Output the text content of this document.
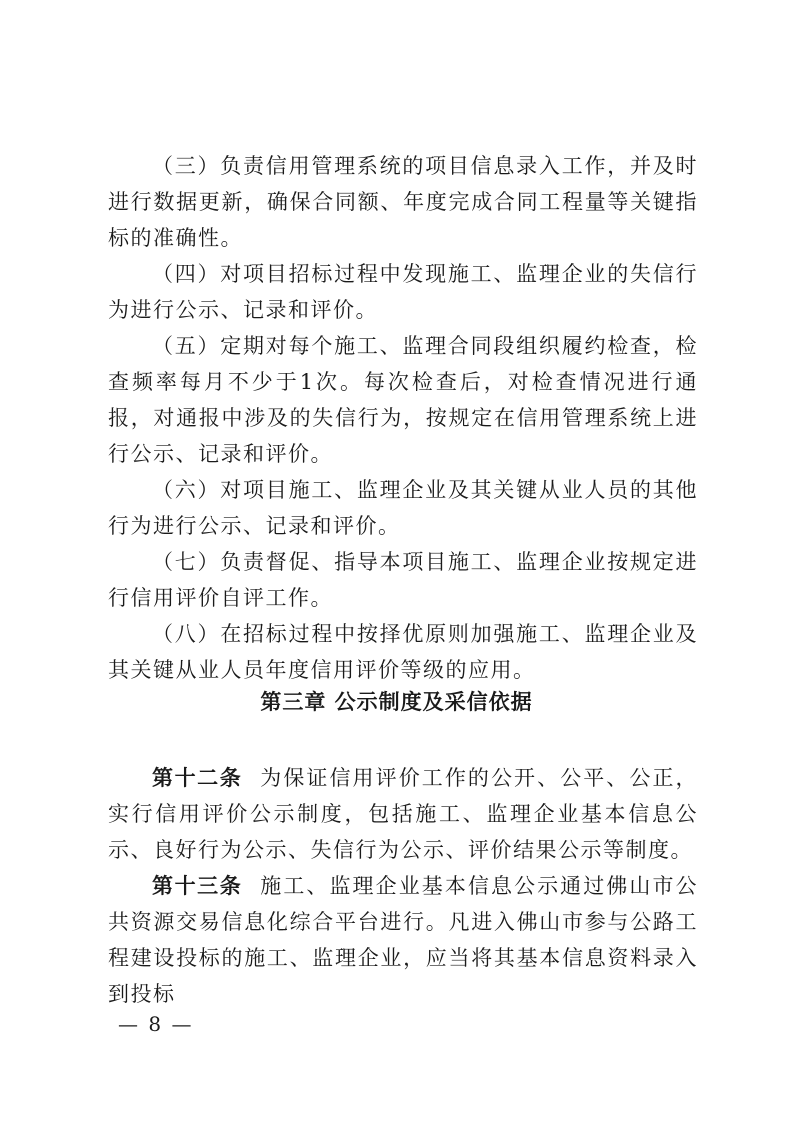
（三）负责信用管理系统的项目信息录入工作，并及时进行数据更新，确保合同额、年度完成合同工程量等关键指标的准确性。

（四）对项目招标过程中发现施工、监理企业的失信行为进行公示、记录和评价。

（五）定期对每个施工、监理合同段组织履约检查，检查频率每月不少于1次。每次检查后，对检查情况进行通报，对通报中涉及的失信行为，按规定在信用管理系统上进行公示、记录和评价。

（六）对项目施工、监理企业及其关键从业人员的其他行为进行公示、记录和评价。

（七）负责督促、指导本项目施工、监理企业按规定进行信用评价自评工作。

（八）在招标过程中按择优原则加强施工、监理企业及其关键从业人员年度信用评价等级的应用。

第三章 公示制度及采信依据

第十二条 为保证信用评价工作的公开、公平、公正，实行信用评价公示制度，包括施工、监理企业基本信息公示、良好行为公示、失信行为公示、评价结果公示等制度。

第十三条 施工、监理企业基本信息公示通过佛山市公共资源交易信息化综合平台进行。凡进入佛山市参与公路工程建设投标的施工、监理企业，应当将其基本信息资料录入到投标

— 8 —
